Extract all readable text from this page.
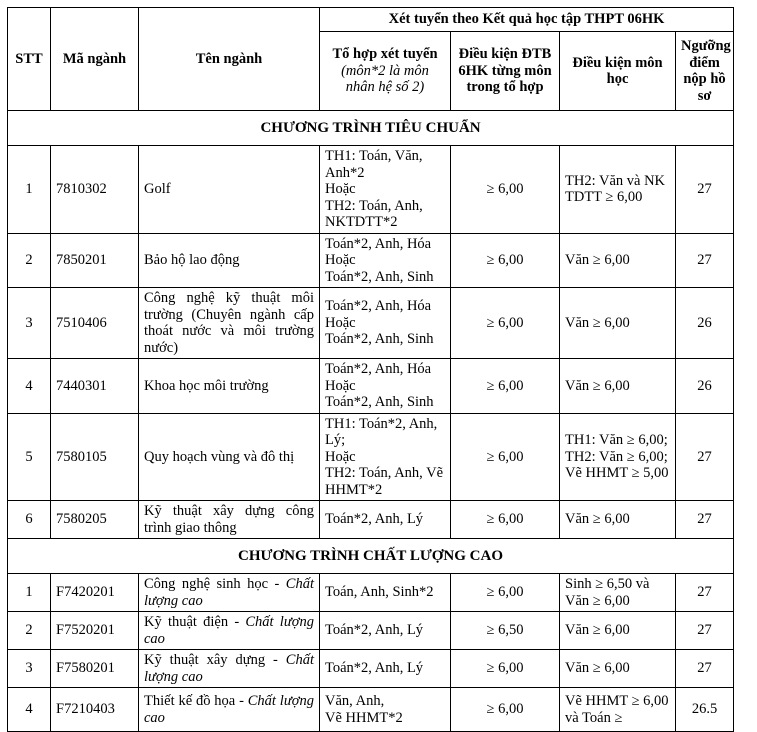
STT	Mã ngành	Tên ngành	Xét tuyển theo Kết quả học tập THPT 06HK			
			Tổ hợp xét tuyển
(môn*2 là môn nhân hệ số 2)	Điều kiện ĐTB 6HK từng môn trong tổ hợp	Điều kiện môn học	Ngưỡng điểm nộp hồ sơ
CHƯƠNG TRÌNH TIÊU CHUẨN						
1	7810302	Golf	TH1: Toán, Văn, Anh*2
Hoặc
TH2: Toán, Anh, NKTDTT*2	≥ 6,00	TH2: Văn và NK TDTT ≥ 6,00	27
2	7850201	Bảo hộ lao động	Toán*2, Anh, Hóa
Hoặc
Toán*2, Anh, Sinh	≥ 6,00	Văn ≥ 6,00	27
3	7510406	Công nghệ kỹ thuật môi trường (Chuyên ngành cấp thoát nước và môi trường nước)	Toán*2, Anh, Hóa
Hoặc
Toán*2, Anh, Sinh	≥ 6,00	Văn ≥ 6,00	26
4	7440301	Khoa học môi trường	Toán*2, Anh, Hóa
Hoặc
Toán*2, Anh, Sinh	≥ 6,00	Văn ≥ 6,00	26
5	7580105	Quy hoạch vùng và đô thị	TH1: Toán*2, Anh, Lý;
Hoặc
TH2: Toán, Anh, Vẽ HHMT*2	≥ 6,00	TH1: Văn ≥ 6,00;
TH2: Văn ≥ 6,00; Vẽ HHMT ≥ 5,00	27
6	7580205	Kỹ thuật xây dựng công trình giao thông	Toán*2, Anh, Lý	≥ 6,00	Văn ≥ 6,00	27
CHƯƠNG TRÌNH CHẤT LƯỢNG CAO						
1	F7420201	Công nghệ sinh học - Chất lượng cao	Toán, Anh, Sinh*2	≥ 6,00	Sinh ≥ 6,50 và Văn ≥ 6,00	27
2	F7520201	Kỹ thuật điện - Chất lượng cao	Toán*2, Anh, Lý	≥ 6,50	Văn ≥ 6,00	27
3	F7580201	Kỹ thuật xây dựng - Chất lượng cao	Toán*2, Anh, Lý	≥ 6,00	Văn ≥ 6,00	27
4	F7210403	Thiết kế đồ họa - Chất lượng cao	Văn, Anh,
Vẽ HHMT*2	≥ 6,00	Vẽ HHMT ≥ 6,00 và Toán ≥	26.5
